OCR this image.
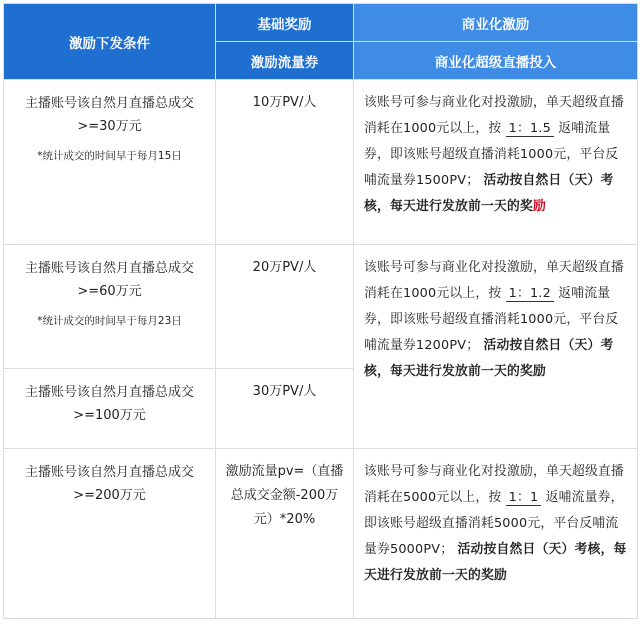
激励下发条件	基础奖励	商业化激励
	激励流量券	商业化超级直播投入

主播账号该自然月直播总成交
>=30万元
*统计成交的时间早于每月15日	10万PV/人	该账号可参与商业化对投激励，单天超级直播消耗在1000元以上，按 1：1.5 返哺流量券，即该账号超级直播消耗1000元，平台反哺流量券1500PV； 活动按自然日（天）考核，每天进行发放前一天的奖励

主播账号该自然月直播总成交
>=60万元
*统计成交的时间早于每月23日	20万PV/人	该账号可参与商业化对投激励，单天超级直播消耗在1000元以上，按 1：1.2 返哺流量券，即该账号超级直播消耗1000元，平台反哺流量券1200PV； 活动按自然日（天）考核，每天进行发放前一天的奖励

主播账号该自然月直播总成交
>=100万元	30万PV/人	

主播账号该自然月直播总成交
>=200万元	激励流量pv=（直播总成交金额-200万元）*20%	该账号可参与商业化对投激励，单天超级直播消耗在5000元以上，按 1：1 返哺流量券，即该账号超级直播消耗5000元，平台反哺流量券5000PV； 活动按自然日（天）考核，每天进行发放前一天的奖励
